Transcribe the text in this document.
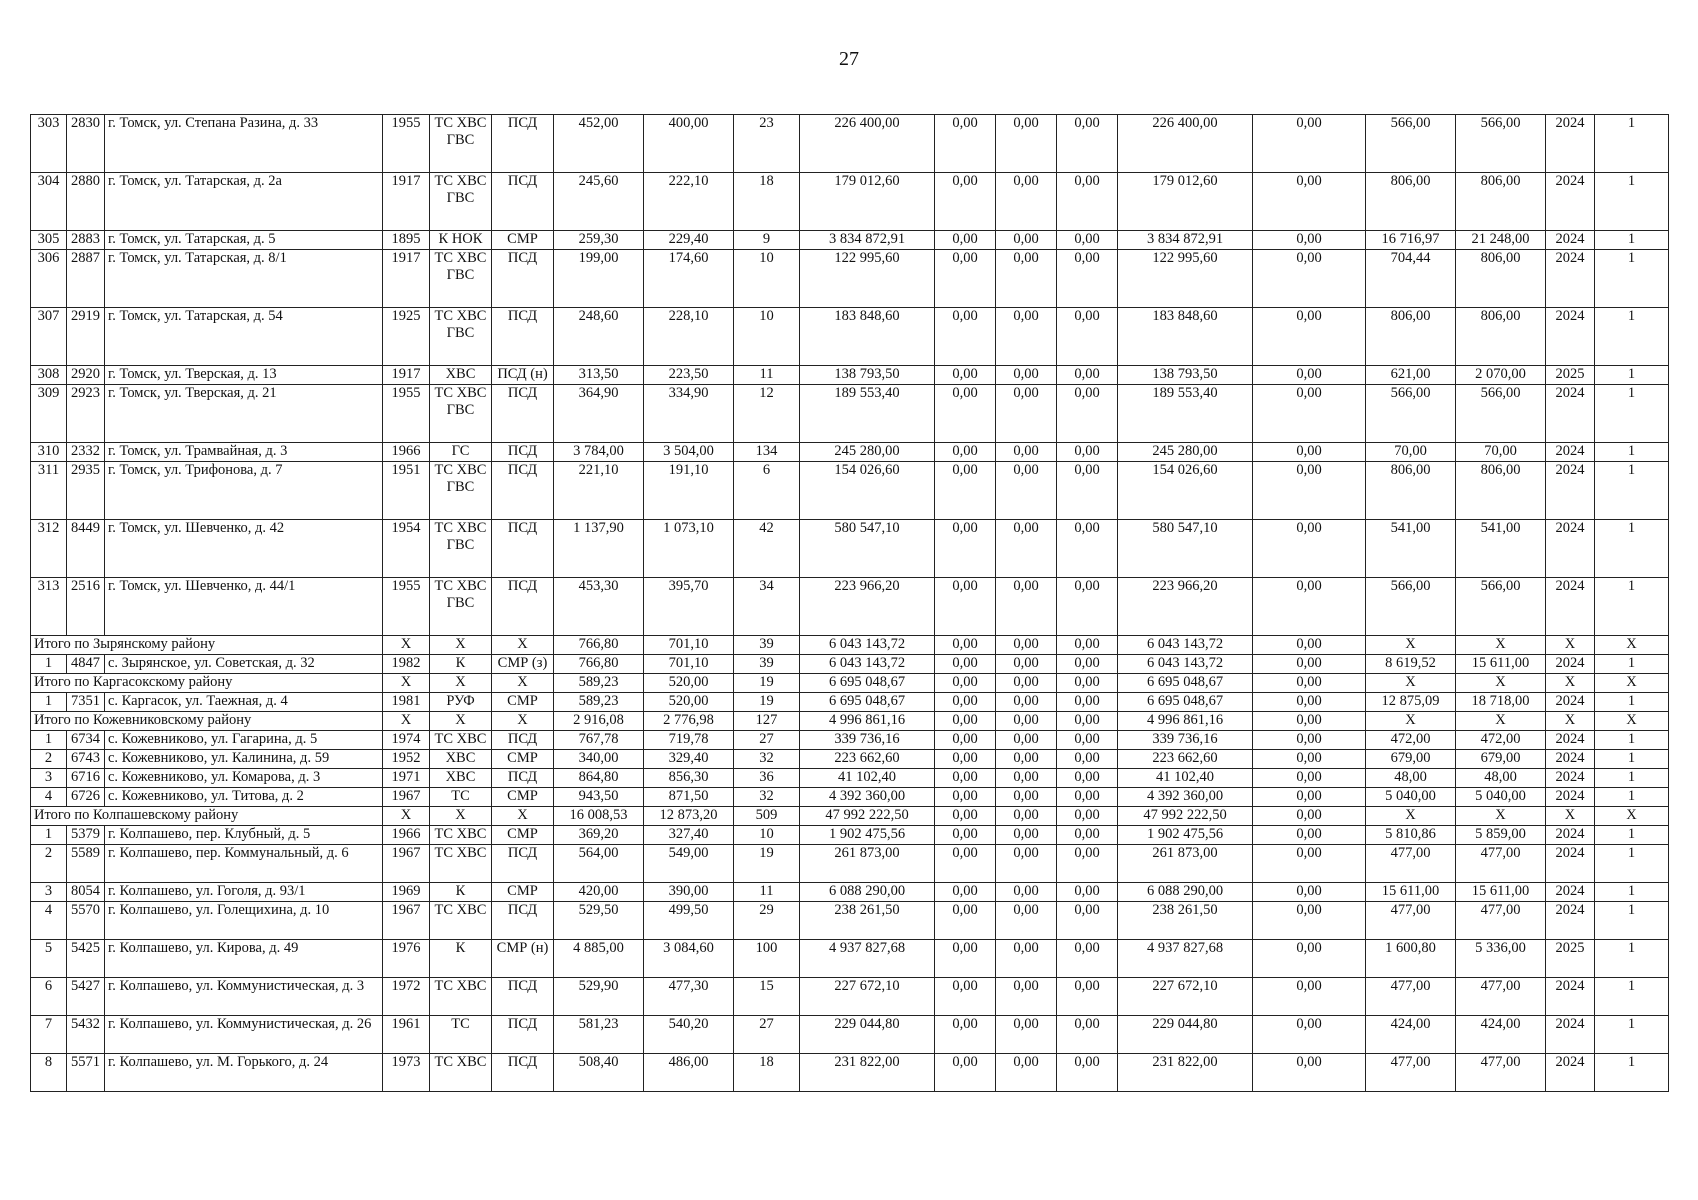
27
303	2830	г. Томск, ул. Степана Разина, д. 33	1955	ТС ХВС ГВС	ПСД	452,00	400,00	23	226 400,00	0,00	0,00	0,00	226 400,00	0,00	566,00	566,00	2024	1
304	2880	г. Томск, ул. Татарская, д. 2а	1917	ТС ХВС ГВС	ПСД	245,60	222,10	18	179 012,60	0,00	0,00	0,00	179 012,60	0,00	806,00	806,00	2024	1
305	2883	г. Томск, ул. Татарская, д. 5	1895	К НОК	СМР	259,30	229,40	9	3 834 872,91	0,00	0,00	0,00	3 834 872,91	0,00	16 716,97	21 248,00	2024	1
306	2887	г. Томск, ул. Татарская, д. 8/1	1917	ТС ХВС ГВС	ПСД	199,00	174,60	10	122 995,60	0,00	0,00	0,00	122 995,60	0,00	704,44	806,00	2024	1
307	2919	г. Томск, ул. Татарская, д. 54	1925	ТС ХВС ГВС	ПСД	248,60	228,10	10	183 848,60	0,00	0,00	0,00	183 848,60	0,00	806,00	806,00	2024	1
308	2920	г. Томск, ул. Тверская, д. 13	1917	ХВС	ПСД (н)	313,50	223,50	11	138 793,50	0,00	0,00	0,00	138 793,50	0,00	621,00	2 070,00	2025	1
309	2923	г. Томск, ул. Тверская, д. 21	1955	ТС ХВС ГВС	ПСД	364,90	334,90	12	189 553,40	0,00	0,00	0,00	189 553,40	0,00	566,00	566,00	2024	1
310	2332	г. Томск, ул. Трамвайная, д. 3	1966	ГС	ПСД	3 784,00	3 504,00	134	245 280,00	0,00	0,00	0,00	245 280,00	0,00	70,00	70,00	2024	1
311	2935	г. Томск, ул. Трифонова, д. 7	1951	ТС ХВС ГВС	ПСД	221,10	191,10	6	154 026,60	0,00	0,00	0,00	154 026,60	0,00	806,00	806,00	2024	1
312	8449	г. Томск, ул. Шевченко, д. 42	1954	ТС ХВС ГВС	ПСД	1 137,90	1 073,10	42	580 547,10	0,00	0,00	0,00	580 547,10	0,00	541,00	541,00	2024	1
313	2516	г. Томск, ул. Шевченко, д. 44/1	1955	ТС ХВС ГВС	ПСД	453,30	395,70	34	223 966,20	0,00	0,00	0,00	223 966,20	0,00	566,00	566,00	2024	1
Итого по Зырянскому району			X	X	X	766,80	701,10	39	6 043 143,72	0,00	0,00	0,00	6 043 143,72	0,00	X	X	X	X
1	4847	с. Зырянское, ул. Советская, д. 32	1982	К	СМР (з)	766,80	701,10	39	6 043 143,72	0,00	0,00	0,00	6 043 143,72	0,00	8 619,52	15 611,00	2024	1
Итого по Каргасокскому району			X	X	X	589,23	520,00	19	6 695 048,67	0,00	0,00	0,00	6 695 048,67	0,00	X	X	X	X
1	7351	с. Каргасок, ул. Таежная, д. 4	1981	РУФ	СМР	589,23	520,00	19	6 695 048,67	0,00	0,00	0,00	6 695 048,67	0,00	12 875,09	18 718,00	2024	1
Итого по Кожевниковскому району			X	X	X	2 916,08	2 776,98	127	4 996 861,16	0,00	0,00	0,00	4 996 861,16	0,00	X	X	X	X
1	6734	с. Кожевниково, ул. Гагарина, д. 5	1974	ТС ХВС	ПСД	767,78	719,78	27	339 736,16	0,00	0,00	0,00	339 736,16	0,00	472,00	472,00	2024	1
2	6743	с. Кожевниково, ул. Калинина, д. 59	1952	ХВС	СМР	340,00	329,40	32	223 662,60	0,00	0,00	0,00	223 662,60	0,00	679,00	679,00	2024	1
3	6716	с. Кожевниково, ул. Комарова, д. 3	1971	ХВС	ПСД	864,80	856,30	36	41 102,40	0,00	0,00	0,00	41 102,40	0,00	48,00	48,00	2024	1
4	6726	с. Кожевниково, ул. Титова, д. 2	1967	ТС	СМР	943,50	871,50	32	4 392 360,00	0,00	0,00	0,00	4 392 360,00	0,00	5 040,00	5 040,00	2024	1
Итого по Колпашевскому району			X	X	X	16 008,53	12 873,20	509	47 992 222,50	0,00	0,00	0,00	47 992 222,50	0,00	X	X	X	X
1	5379	г. Колпашево, пер. Клубный, д. 5	1966	ТС ХВС	СМР	369,20	327,40	10	1 902 475,56	0,00	0,00	0,00	1 902 475,56	0,00	5 810,86	5 859,00	2024	1
2	5589	г. Колпашево, пер. Коммунальный, д. 6	1967	ТС ХВС	ПСД	564,00	549,00	19	261 873,00	0,00	0,00	0,00	261 873,00	0,00	477,00	477,00	2024	1
3	8054	г. Колпашево, ул. Гоголя, д. 93/1	1969	К	СМР	420,00	390,00	11	6 088 290,00	0,00	0,00	0,00	6 088 290,00	0,00	15 611,00	15 611,00	2024	1
4	5570	г. Колпашево, ул. Голещихина, д. 10	1967	ТС ХВС	ПСД	529,50	499,50	29	238 261,50	0,00	0,00	0,00	238 261,50	0,00	477,00	477,00	2024	1
5	5425	г. Колпашево, ул. Кирова, д. 49	1976	К	СМР (н)	4 885,00	3 084,60	100	4 937 827,68	0,00	0,00	0,00	4 937 827,68	0,00	1 600,80	5 336,00	2025	1
6	5427	г. Колпашево, ул. Коммунистическая, д. 3	1972	ТС ХВС	ПСД	529,90	477,30	15	227 672,10	0,00	0,00	0,00	227 672,10	0,00	477,00	477,00	2024	1
7	5432	г. Колпашево, ул. Коммунистическая, д. 26	1961	ТС	ПСД	581,23	540,20	27	229 044,80	0,00	0,00	0,00	229 044,80	0,00	424,00	424,00	2024	1
8	5571	г. Колпашево, ул. М. Горького, д. 24	1973	ТС ХВС	ПСД	508,40	486,00	18	231 822,00	0,00	0,00	0,00	231 822,00	0,00	477,00	477,00	2024	1
